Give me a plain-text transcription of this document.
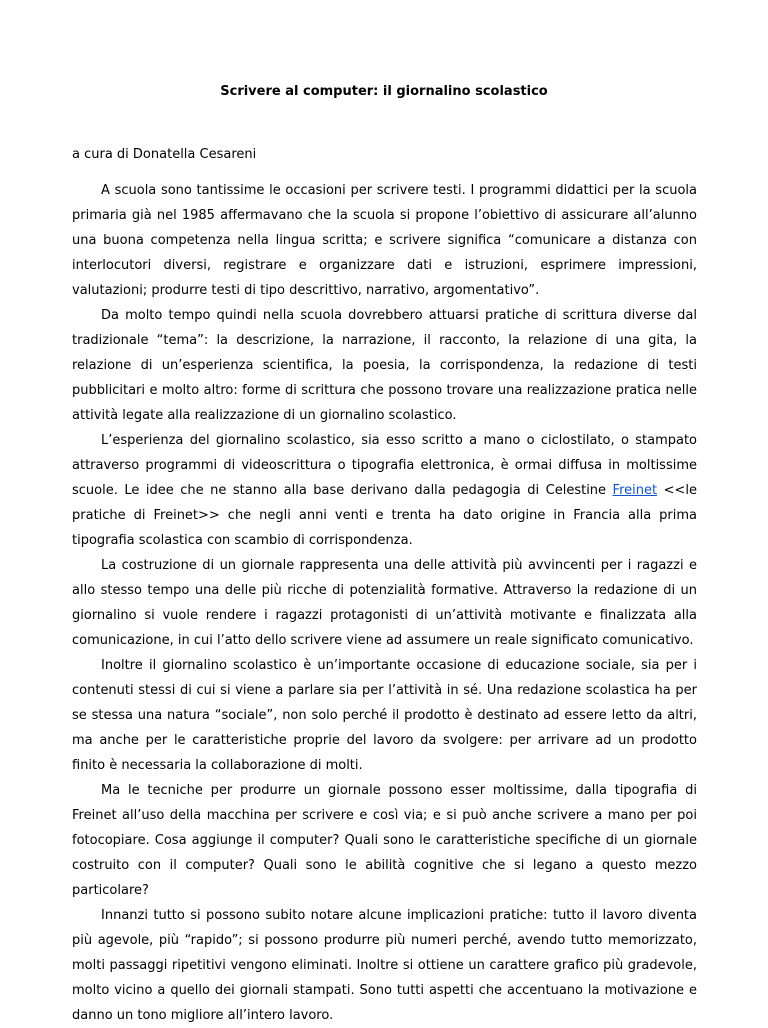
Scrivere al computer: il giornalino scolastico
a cura di Donatella Cesareni

A scuola sono tantissime le occasioni per scrivere testi. I programmi didattici per la scuola primaria già nel 1985 affermavano che la scuola si propone l’obiettivo di assicurare all’alunno una buona competenza nella lingua scritta; e scrivere significa “comunicare a distanza con interlocutori diversi, registrare e organizzare dati e istruzioni, esprimere impressioni, valutazioni; produrre testi di tipo descrittivo, narrativo, argomentativo”.

Da molto tempo quindi nella scuola dovrebbero attuarsi pratiche di scrittura diverse dal tradizionale “tema”: la descrizione, la narrazione, il racconto, la relazione di una gita, la relazione di un’esperienza scientifica, la poesia, la corrispondenza, la redazione di testi pubblicitari e molto altro: forme di scrittura che possono trovare una realizzazione pratica nelle attività legate alla realizzazione di un giornalino scolastico.

L’esperienza del giornalino scolastico, sia esso scritto a mano o ciclostilato, o stampato attraverso programmi di videoscrittura o tipografia elettronica, è ormai diffusa in moltissime scuole. Le idee che ne stanno alla base derivano dalla pedagogia di Celestine Freinet <<le pratiche di Freinet>> che negli anni venti e trenta ha dato origine in Francia alla prima tipografia scolastica con scambio di corrispondenza.

La costruzione di un giornale rappresenta una delle attività più avvincenti per i ragazzi e allo stesso tempo una delle più ricche di potenzialità formative. Attraverso la redazione di un giornalino si vuole rendere i ragazzi protagonisti di un’attività motivante e finalizzata alla comunicazione, in cui l’atto dello scrivere viene ad assumere un reale significato comunicativo.

Inoltre il giornalino scolastico è un’importante occasione di educazione sociale, sia per i contenuti stessi di cui si viene a parlare sia per l’attività in sé. Una redazione scolastica ha per se stessa una natura “sociale”, non solo perché il prodotto è destinato ad essere letto da altri, ma anche per le caratteristiche proprie del lavoro da svolgere: per arrivare ad un prodotto finito è necessaria la collaborazione di molti.

Ma le tecniche per produrre un giornale possono esser moltissime, dalla tipografia di Freinet all’uso della macchina per scrivere e così via; e si può anche scrivere a mano per poi fotocopiare. Cosa aggiunge il computer? Quali sono le caratteristiche specifiche di un giornale costruito con il computer? Quali sono le abilità cognitive che si legano a questo mezzo particolare?

Innanzi tutto si possono subito notare alcune implicazioni pratiche: tutto il lavoro diventa più agevole, più “rapido”; si possono produrre più numeri perché, avendo tutto memorizzato, molti passaggi ripetitivi vengono eliminati. Inoltre si ottiene un carattere grafico più gradevole, molto vicino a quello dei giornali stampati. Sono tutti aspetti che accentuano la motivazione e danno un tono migliore all’intero lavoro.
